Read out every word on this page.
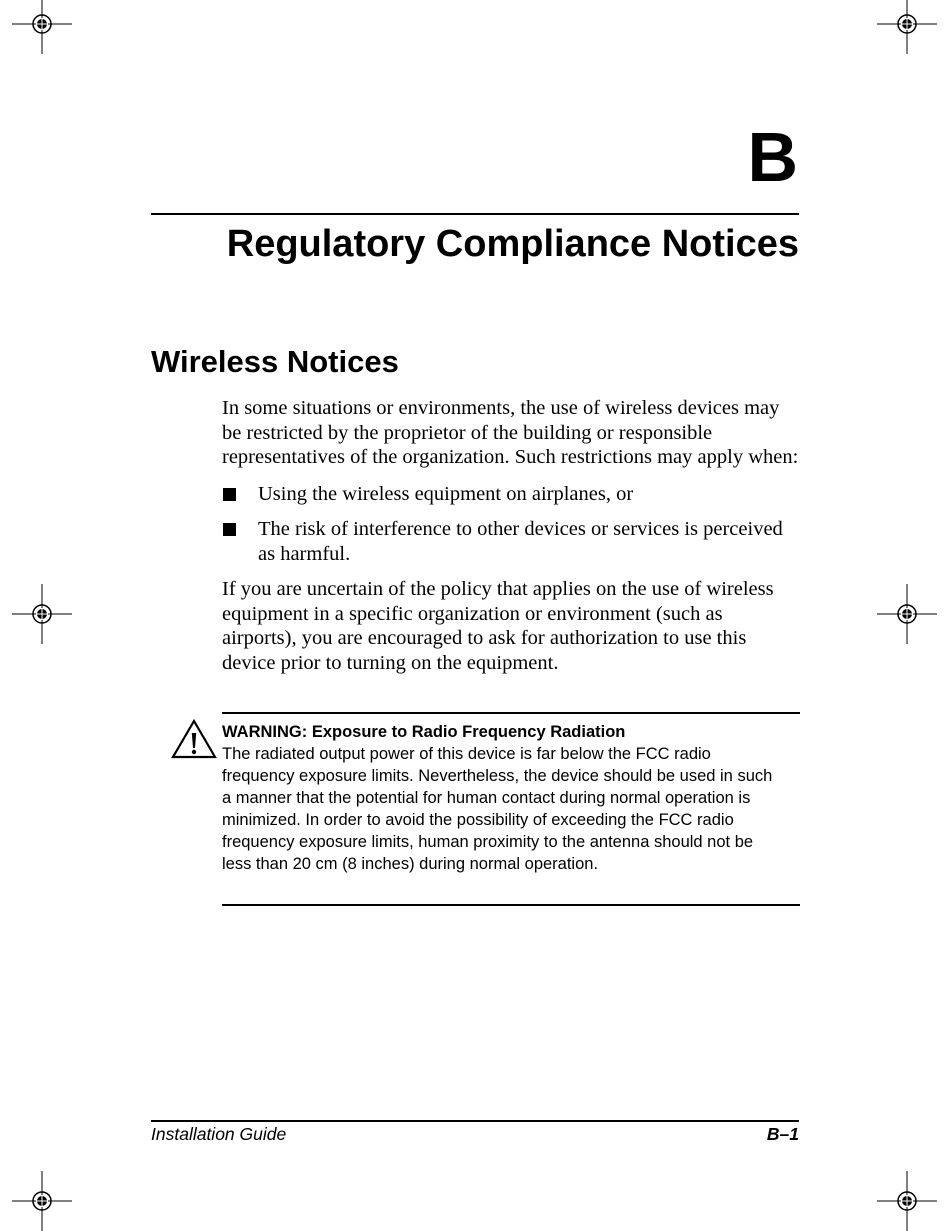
B
Regulatory Compliance Notices
Wireless Notices

In some situations or environments, the use of wireless devices may be restricted by the proprietor of the building or responsible representatives of the organization. Such restrictions may apply when:

Using the wireless equipment on airplanes, or
The risk of interference to other devices or services is perceived as harmful.

If you are uncertain of the policy that applies on the use of wireless equipment in a specific organization or environment (such as airports), you are encouraged to ask for authorization to use this device prior to turning on the equipment.

WARNING: Exposure to Radio Frequency Radiation

The radiated output power of this device is far below the FCC radio frequency exposure limits. Nevertheless, the device should be used in such a manner that the potential for human contact during normal operation is minimized. In order to avoid the possibility of exceeding the FCC radio frequency exposure limits, human proximity to the antenna should not be less than 20 cm (8 inches) during normal operation.

Installation Guide	B–1
